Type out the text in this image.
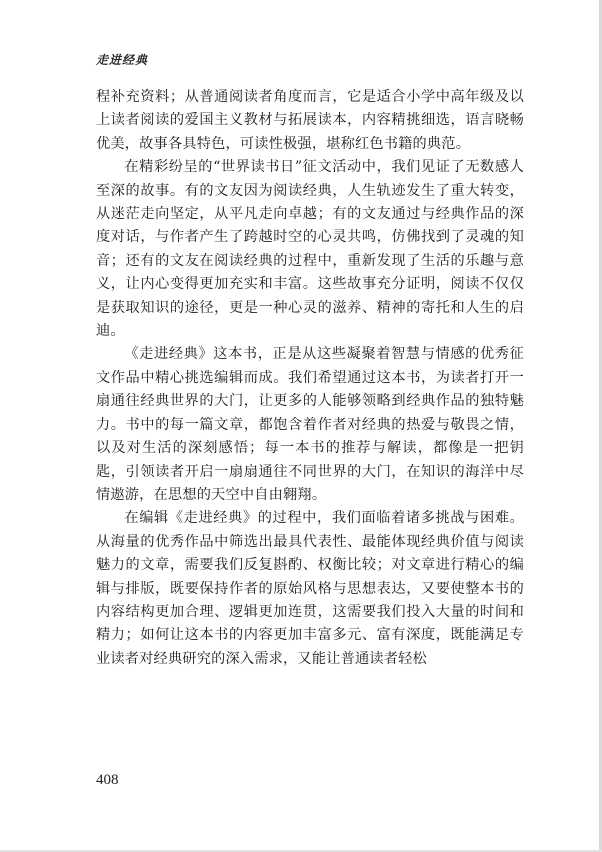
走进经典

程补充资料；从普通阅读者角度而言，它是适合小学中高年级及以上读者阅读的爱国主义教材与拓展读本，内容精挑细选，语言晓畅优美，故事各具特色，可读性极强，堪称红色书籍的典范。

在精彩纷呈的“世界读书日”征文活动中，我们见证了无数感人至深的故事。有的文友因为阅读经典，人生轨迹发生了重大转变，从迷茫走向坚定，从平凡走向卓越；有的文友通过与经典作品的深度对话，与作者产生了跨越时空的心灵共鸣，仿佛找到了灵魂的知音；还有的文友在阅读经典的过程中，重新发现了生活的乐趣与意义，让内心变得更加充实和丰富。这些故事充分证明，阅读不仅仅是获取知识的途径，更是一种心灵的滋养、精神的寄托和人生的启迪。

《走进经典》这本书，正是从这些凝聚着智慧与情感的优秀征文作品中精心挑选编辑而成。我们希望通过这本书，为读者打开一扇通往经典世界的大门，让更多的人能够领略到经典作品的独特魅力。书中的每一篇文章，都饱含着作者对经典的热爱与敬畏之情，以及对生活的深刻感悟；每一本书的推荐与解读，都像是一把钥匙，引领读者开启一扇扇通往不同世界的大门，在知识的海洋中尽情遨游，在思想的天空中自由翱翔。

在编辑《走进经典》的过程中，我们面临着诸多挑战与困难。从海量的优秀作品中筛选出最具代表性、最能体现经典价值与阅读魅力的文章，需要我们反复斟酌、权衡比较；对文章进行精心的编辑与排版，既要保持作者的原始风格与思想表达，又要使整本书的内容结构更加合理、逻辑更加连贯，这需要我们投入大量的时间和精力；如何让这本书的内容更加丰富多元、富有深度，既能满足专业读者对经典研究的深入需求，又能让普通读者轻松

408
